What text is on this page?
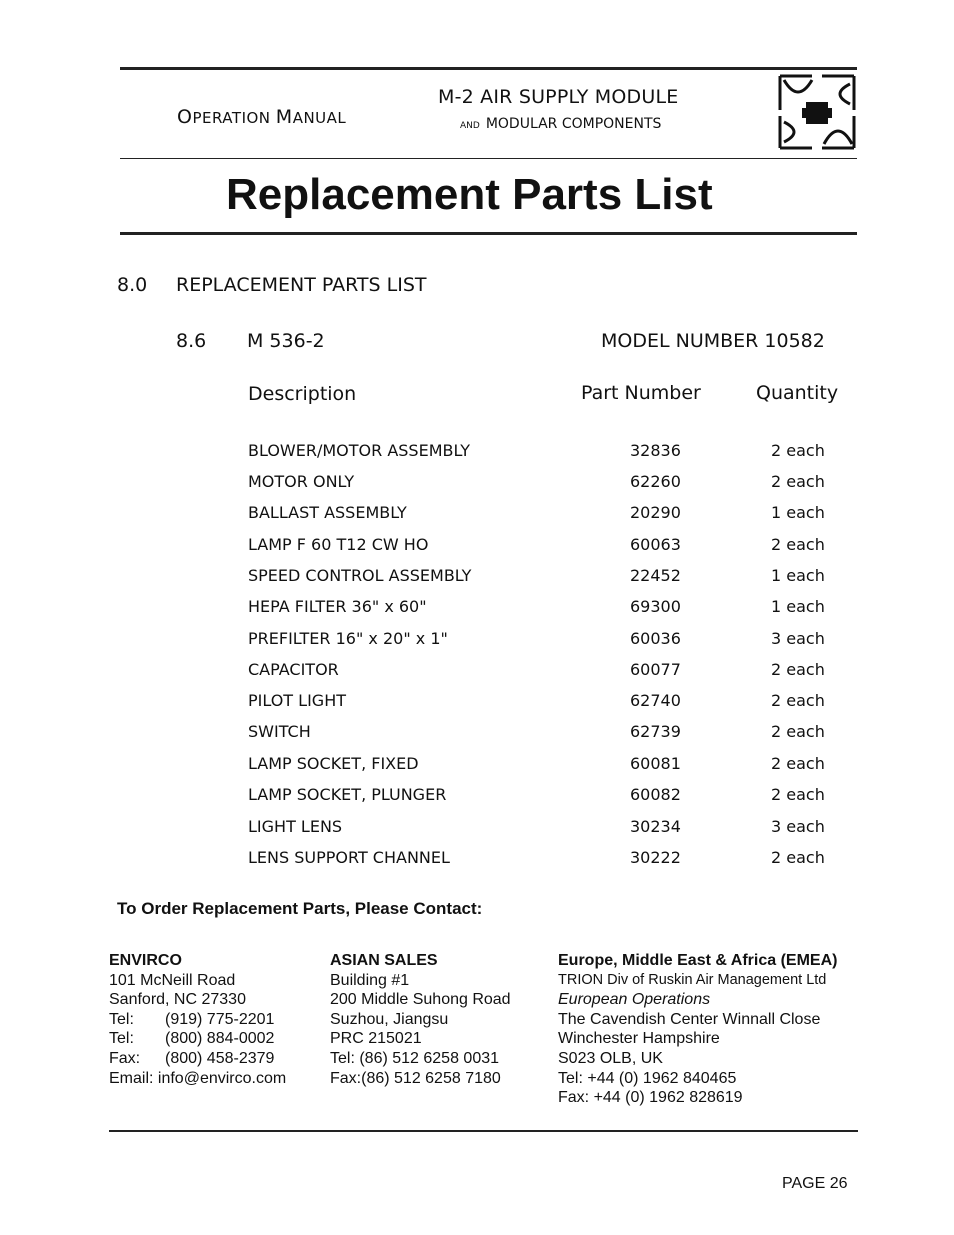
OPERATION MANUAL
M-2 AIR SUPPLY MODULE
AND MODULAR COMPONENTS
Replacement Parts List
8.0 REPLACEMENT PARTS LIST
8.6 M 536-2	MODEL NUMBER 10582
Description	Part Number	Quantity
BLOWER/MOTOR ASSEMBLY	32836	2 each
MOTOR ONLY	62260	2 each
BALLAST ASSEMBLY	20290	1 each
LAMP F 60 T12 CW HO	60063	2 each
SPEED CONTROL ASSEMBLY	22452	1 each
HEPA FILTER 36" x 60"	69300	1 each
PREFILTER 16" x 20" x 1"	60036	3 each
CAPACITOR	60077	2 each
PILOT LIGHT	62740	2 each
SWITCH	62739	2 each
LAMP SOCKET, FIXED	60081	2 each
LAMP SOCKET, PLUNGER	60082	2 each
LIGHT LENS	30234	3 each
LENS SUPPORT CHANNEL	30222	2 each
To Order Replacement Parts, Please Contact:
ENVIRCO
101 McNeill Road
Sanford, NC 27330
Tel: (919) 775-2201
Tel: (800) 884-0002
Fax: (800) 458-2379
Email: info@envirco.com
ASIAN SALES
Building #1
200 Middle Suhong Road
Suzhou, Jiangsu
PRC 215021
Tel: (86) 512 6258 0031
Fax:(86) 512 6258 7180
Europe, Middle East & Africa (EMEA)
TRION Div of Ruskin Air Management Ltd
European Operations
The Cavendish Center Winnall Close
Winchester Hampshire
S023 OLB, UK
Tel: +44 (0) 1962 840465
Fax: +44 (0) 1962 828619
PAGE 26
